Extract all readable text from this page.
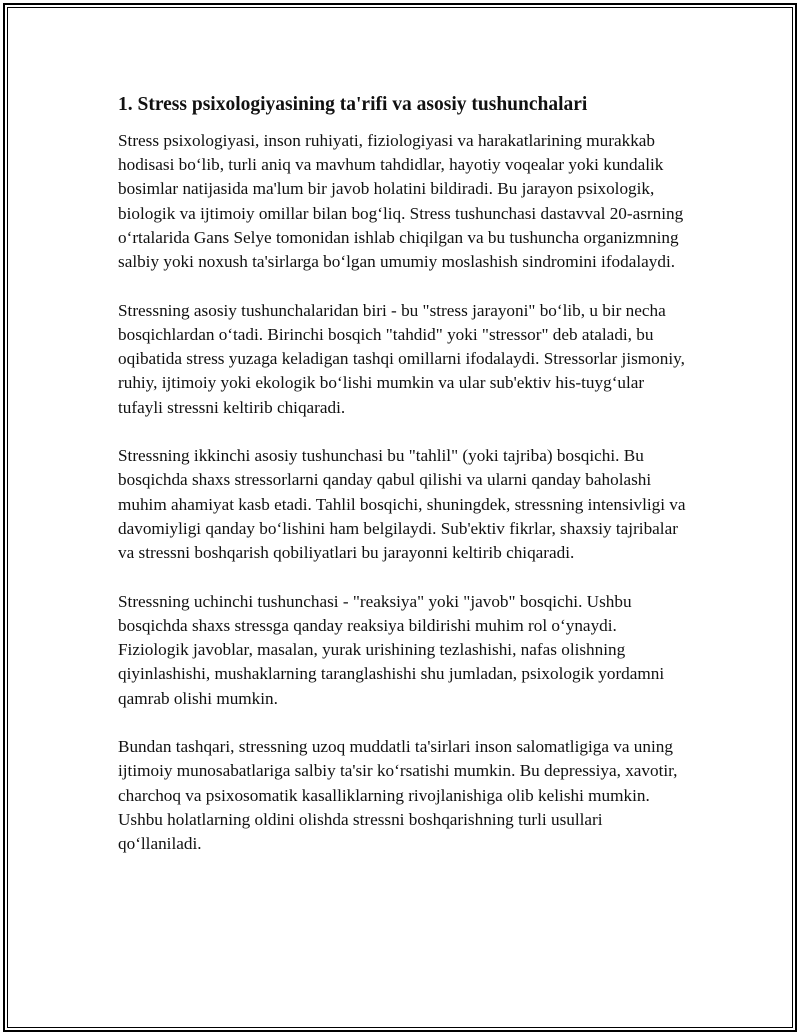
1. Stress psixologiyasining ta'rifi va asosiy tushunchalari

Stress psixologiyasi, inson ruhiyati, fiziologiyasi va harakatlarining murakkab hodisasi bo‘lib, turli aniq va mavhum tahdidlar, hayotiy voqealar yoki kundalik bosimlar natijasida ma'lum bir javob holatini bildiradi. Bu jarayon psixologik, biologik va ijtimoiy omillar bilan bog‘liq. Stress tushunchasi dastavval 20-asrning o‘rtalarida Gans Selye tomonidan ishlab chiqilgan va bu tushuncha organizmning salbiy yoki noxush ta'sirlarga bo‘lgan umumiy moslashish sindromini ifodalaydi.

Stressning asosiy tushunchalaridan biri - bu "stress jarayoni" bo‘lib, u bir necha bosqichlardan o‘tadi. Birinchi bosqich "tahdid" yoki "stressor" deb ataladi, bu oqibatida stress yuzaga keladigan tashqi omillarni ifodalaydi. Stressorlar jismoniy, ruhiy, ijtimoiy yoki ekologik bo‘lishi mumkin va ular sub'ektiv his-tuyg‘ular tufayli stressni keltirib chiqaradi.

Stressning ikkinchi asosiy tushunchasi bu "tahlil" (yoki tajriba) bosqichi. Bu bosqichda shaxs stressorlarni qanday qabul qilishi va ularni qanday baholashi muhim ahamiyat kasb etadi. Tahlil bosqichi, shuningdek, stressning intensivligi va davomiyligi qanday bo‘lishini ham belgilaydi. Sub'ektiv fikrlar, shaxsiy tajribalar va stressni boshqarish qobiliyatlari bu jarayonni keltirib chiqaradi.

Stressning uchinchi tushunchasi - "reaksiya" yoki "javob" bosqichi. Ushbu bosqichda shaxs stressga qanday reaksiya bildirishi muhim rol o‘ynaydi. Fiziologik javoblar, masalan, yurak urishining tezlashishi, nafas olishning qiyinlashishi, mushaklarning taranglashishi shu jumladan, psixologik yordamni qamrab olishi mumkin.

Bundan tashqari, stressning uzoq muddatli ta'sirlari inson salomatligiga va uning ijtimoiy munosabatlariga salbiy ta'sir ko‘rsatishi mumkin. Bu depressiya, xavotir, charchoq va psixosomatik kasalliklarning rivojlanishiga olib kelishi mumkin. Ushbu holatlarning oldini olishda stressni boshqarishning turli usullari qo‘llaniladi.
